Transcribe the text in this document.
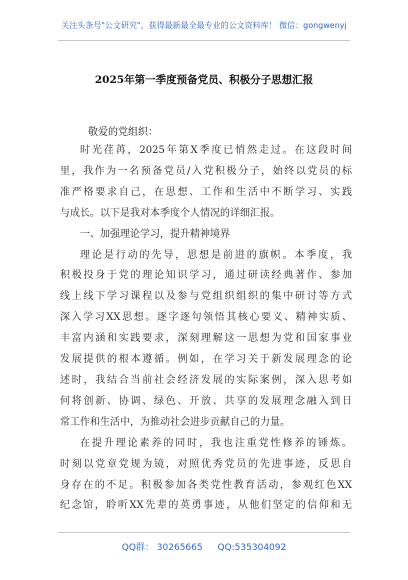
关注头条号"公文研究"，获得最新最全最专业的公文资料库！ 微信：gongwenyj
2025年第一季度预备党员、积极分子思想汇报
敬爱的党组织：

时光荏苒，2025年第X季度已悄然走过。在这段时间

里，我作为一名预备党员/入党积极分子，始终以党员的标

准严格要求自己，在思想、工作和生活中不断学习、实践

与成长。以下是我对本季度个人情况的详细汇报。

一、加强理论学习，提升精神境界

理论是行动的先导，思想是前进的旗帜。本季度，我

积极投身于党的理论知识学习，通过研读经典著作、参加

线上线下学习课程以及参与党组织组织的集中研讨等方式

深入学习XX思想。逐字逐句领悟其核心要义、精神实质、

丰富内涵和实践要求，深刻理解这一思想为党和国家事业

发展提供的根本遵循。例如，在学习关于新发展理念的论

述时，我结合当前社会经济发展的实际案例，深入思考如

何将创新、协调、绿色、开放、共享的发展理念融入到日

常工作和生活中，为推动社会进步贡献自己的力量。

在提升理论素养的同时，我也注重党性修养的锤炼。

时刻以党章党规为镜，对照优秀党员的先进事迹，反思自

身存在的不足。积极参加各类党性教育活动，参观红色XX

纪念馆，聆听XX先辈的英勇事迹，从他们坚定的信仰和无

QQ群： 30265665 QQ:535304092
